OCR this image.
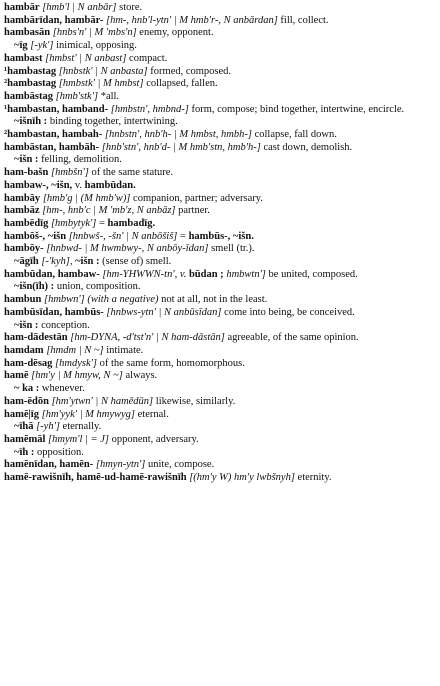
hambār [hmb'l | N anbār] store.

hambārīdan, hambār- [hm-, hnb'l-ytn' | M hmb'r-, N anbārdan] fill, collect.

hambasān [hnbs'n' | M 'mbs'n] enemy, opponent.

~īg [-yk'] inimical, opposing.

hambast [hmbst' | N anbast] compact.

¹hambastag [hnbstk' | N anbasta] formed, composed.

²hambastag [hmbstk' | M hmbst] collapsed, fallen.

hambāstag [hmb'stk'] *all.

¹hambastan, hamband- [hmbstn', hmbnd-] form, compose; bind together, intertwine, encircle.

~išnīh : binding together, intertwining.

²hambastan, hambah- [hnbstn', hnb'h- | M hmbst, hmbh-] collapse, fall down.

hambāstan, hambāh- [hnb'stn', hnb'd- | M hmb'stn, hmb'h-] cast down, demolish.

~išn : felling, demolition.

ham-bašn [hmbšn'] of the same stature.

hambaw-, ~išn, v. hambūdan.

hambāy [hmb'g | (M hmb'w)] companion, partner; adversary.

hambāz [hm-, hnb'c | M 'mb'z, N anbāz] partner.

hambēdīg [hmbytyk'] = hambadīg.

hambōš-, ~išn [hnbwš-, -šn' | N anbōšiš] = hambūs-, ~išn.

hambōy- [hnbwd- | M hwmbwy-, N anbōy-īdan] smell (tr.).

~āgīh [-'kyh], ~išn : (sense of) smell.

hambūdan, hambaw- [hm-YHWWN-tn', v. būdan ; hmbwtn'] be united, composed.

~išn(īh) : union, composition.

hambun [hmbwn'] (with a negative) not at all, not in the least.

hambūsīdan, hambūs- [hnbws-ytn' | N anbūsīdan] come into being, be conceived.

~išn : conception.

ham-dādestān [hm-DYNA, -d'tst'n' | N ham-dāstān] agreeable, of the same opinion.

hamdam [hmdm | N ~] intimate.

ham-dēsag [hmdysk'] of the same form, homomorphous.

hamē [hm'y | M hmyw, N ~] always.

~ ka : whenever.

ham-ēdōn [hm'ytwn' | N hamēdūn] likewise, similarly.

hamē|īg [hm'yyk' | M hmywyg] eternal.

~īhā [-yh'] eternally.

hamēmāl [hmym'l | = J] opponent, adversary.

~īh : opposition.

hamēnīdan, hamēn- [hmyn-ytn'] unite, compose.

hamē-rawišnīh, hamē-ud-hamē-rawišnīh [(hm'y W) hm'y lwbšnyh] eternity.
